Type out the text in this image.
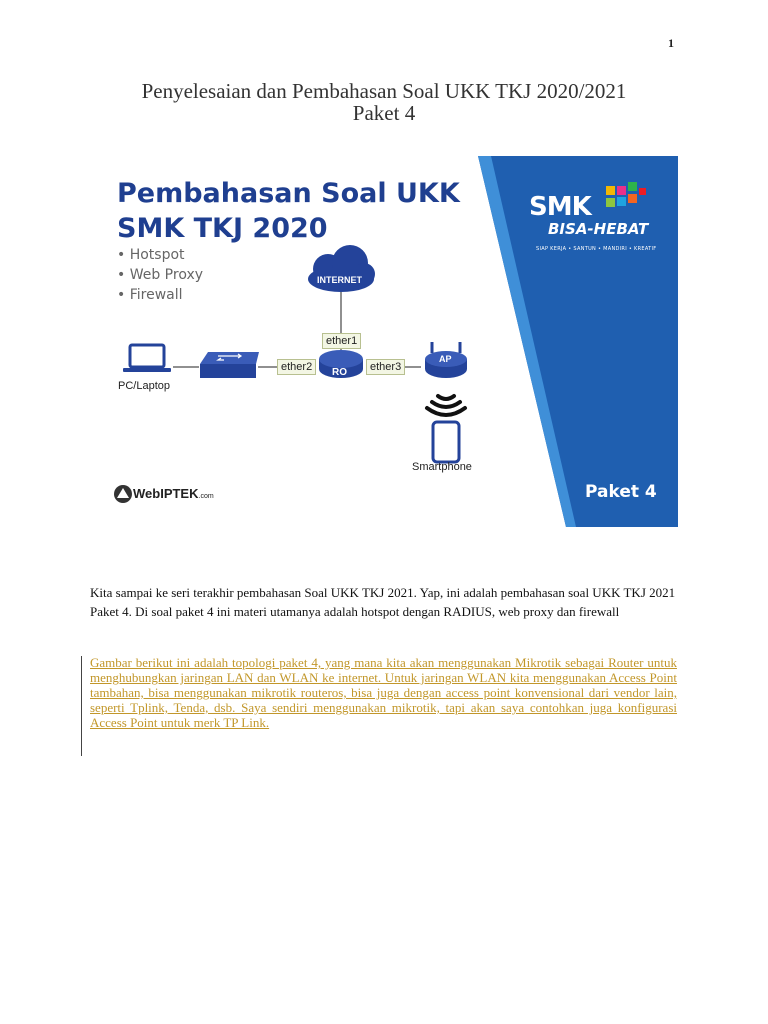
1
Penyelesaian dan Pembahasan Soal UKK TKJ 2020/2021
Paket 4
Pembahasan Soal UKK
SMK TKJ 2020
• Hotspot
• Web Proxy
• Firewall
INTERNET
ether1
ether2	ether3
RO
AP
PC/Laptop
Smartphone
SMK
BISA-HEBAT
SIAP KERJA • SANTUN • MANDIRI • KREATIF
Paket 4
WebIPTEK.com
Kita sampai ke seri terakhir pembahasan Soal UKK TKJ 2021. Yap, ini adalah pembahasan soal UKK TKJ 2021 Paket 4. Di soal paket 4 ini materi utamanya adalah hotspot dengan RADIUS, web proxy dan firewall
Gambar berikut ini adalah topologi paket 4, yang mana kita akan menggunakan Mikrotik sebagai Router untuk menghubungkan jaringan LAN dan WLAN ke internet. Untuk jaringan WLAN kita menggunakan Access Point tambahan, bisa menggunakan mikrotik routeros, bisa juga dengan access point konvensional dari vendor lain, seperti Tplink, Tenda, dsb. Saya sendiri menggunakan mikrotik, tapi akan saya contohkan juga konfigurasi Access Point untuk merk TP Link.
